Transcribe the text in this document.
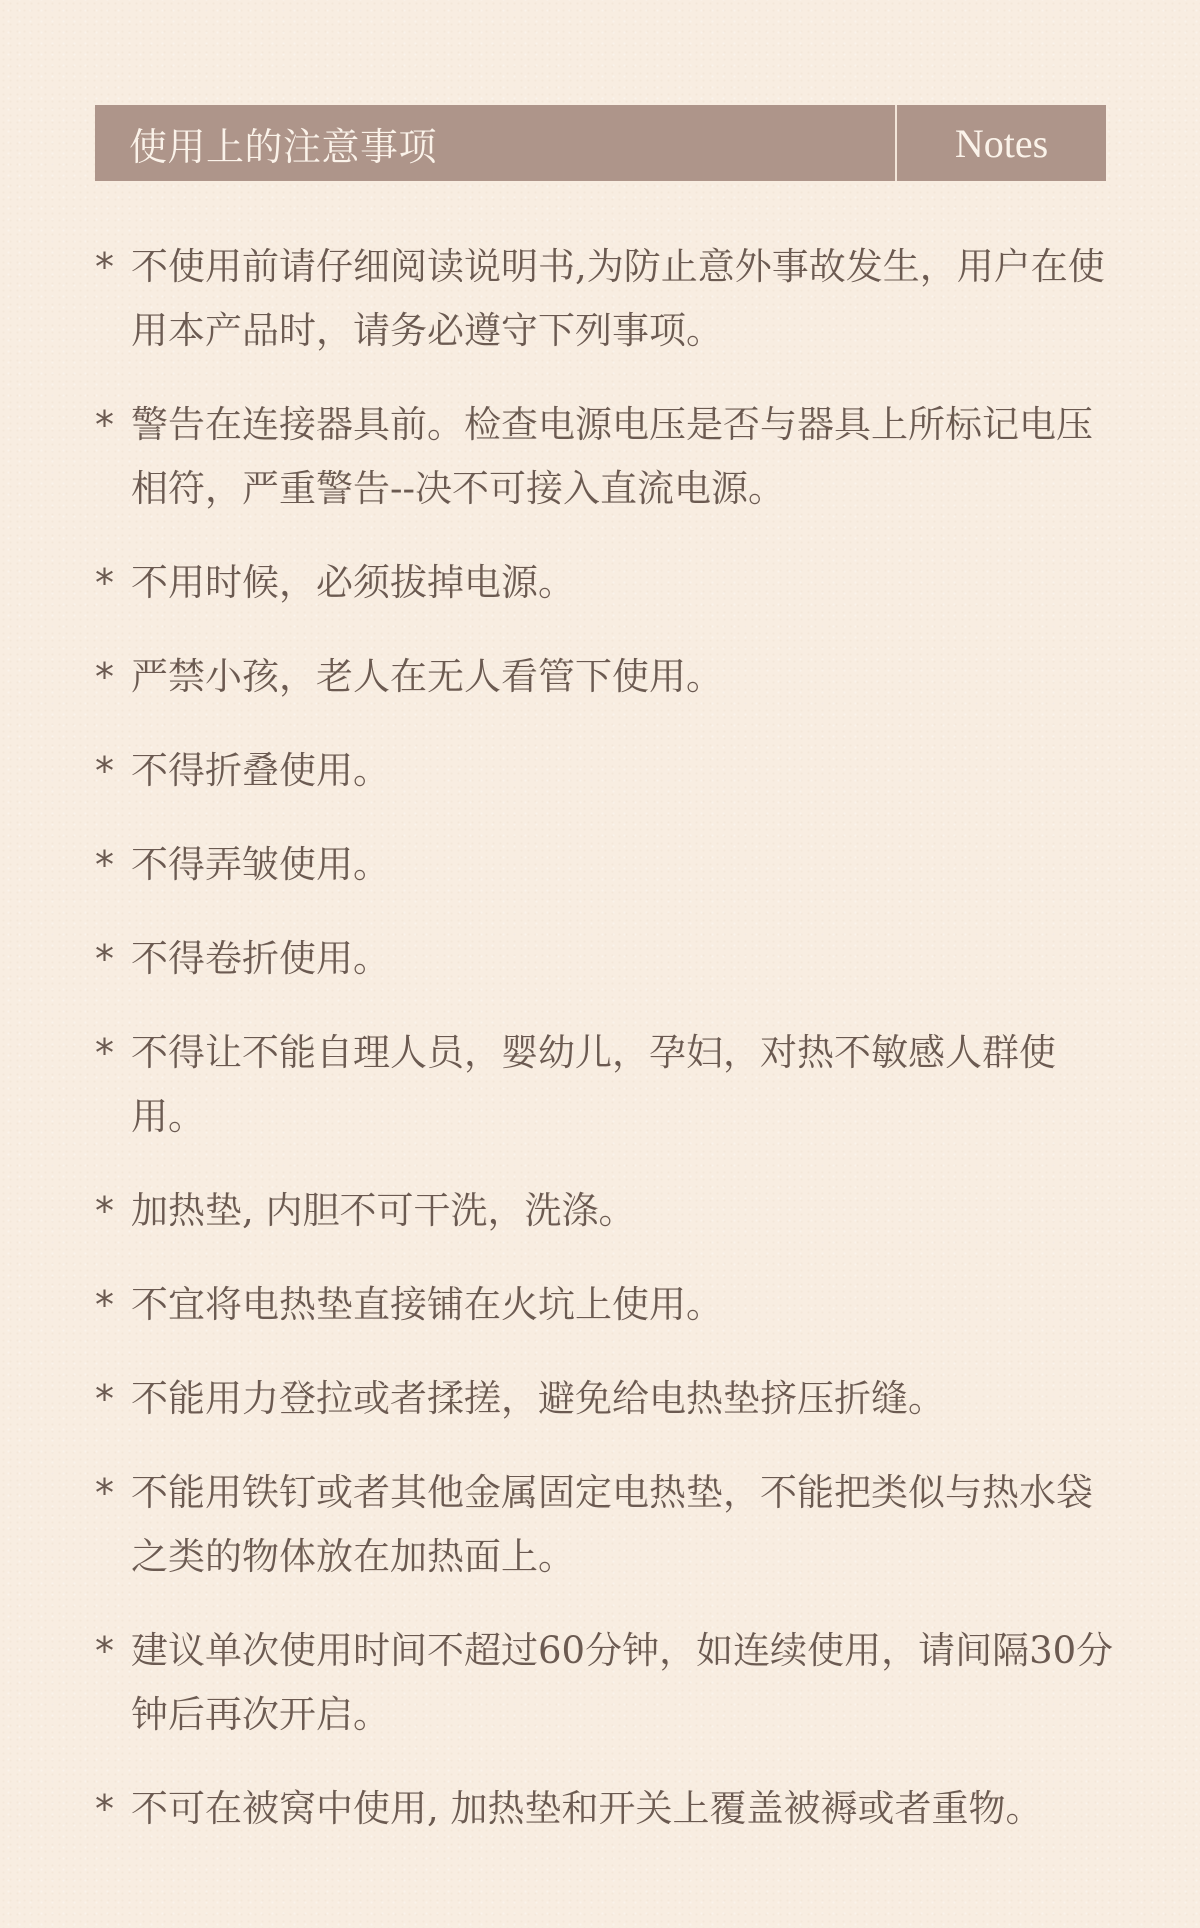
使用上的注意事项	Notes
* 不使用前请仔细阅读说明书,为防止意外事故发生，用户在使用本产品时，请务必遵守下列事项。
* 警告在连接器具前。检查电源电压是否与器具上所标记电压相符，严重警告--决不可接入直流电源。
* 不用时候，必须拔掉电源。
* 严禁小孩，老人在无人看管下使用。
* 不得折叠使用。
* 不得弄皱使用。
* 不得卷折使用。
* 不得让不能自理人员，婴幼儿，孕妇，对热不敏感人群使用。
* 加热垫, 内胆不可干洗，洗涤。
* 不宜将电热垫直接铺在火坑上使用。
* 不能用力登拉或者揉搓，避免给电热垫挤压折缝。
* 不能用铁钉或者其他金属固定电热垫，不能把类似与热水袋之类的物体放在加热面上。
* 建议单次使用时间不超过60分钟，如连续使用，请间隔30分钟后再次开启。
* 不可在被窝中使用, 加热垫和开关上覆盖被褥或者重物。
